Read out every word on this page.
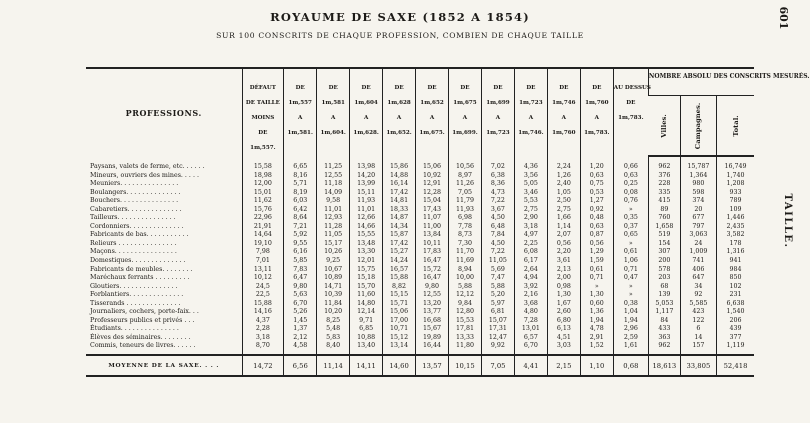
601
ROYAUME DE SAXE (1852 A 1854)
SUR 100 CONSCRITS DE CHAQUE PROFESSION, COMBIEN DE CHAQUE TAILLE
TAILLE.
PROFESSIONS.	DÉFAUT
DE TAILLE
MOINS
DE
1m,557.	DE
1m,557
A
1m,581.	DE
1m,581
A
1m,604.	DE
1m,604
A
1m,628.	DE
1m,628
A
1m,652.	DE
1m,652
A
1m,675.	DE
1m,675
A
1m,699.	DE
1m,699
A
1m,723	DE
1m,723
A
1m,746.	DE
1m,746
A
1m,760	DE
1m,760
A
1m,783.	AU DESSUS
DE
1m,783.	NOMBRE ABSOLU DES CONSCRITS MESURÉS.		

													Villes.	Campagnes.	Total.

Paysans, valets de ferme, etc. . . . . .	15,58	6,65	11,25	13,98	15,86	15,06	10,56	7,02	4,36	2,24	1,20	0,66	962	15,787	16,749
Mineurs, ouvriers des mines. . . . .	18,98	8,16	12,55	14,20	14,88	10,92	8,97	6,38	3,56	1,26	0,63	0,63	376	1,364	1,740
Meuniers. . . . . . . . . . . . . . .	12,00	5,71	11,18	13,99	16,14	12,91	11,26	8,36	5,05	2,40	0,75	0,25	228	980	1,208
Boulangers. . . . . . . . . . . . . .	15,01	8,19	14,09	15,11	17,42	12,28	7,05	4,73	3,46	1,05	0,53	0,08	335	598	933
Bouchers. . . . . . . . . . . . . . .	11,62	6,03	9,58	11,93	14,81	15,04	11,79	7,22	5,53	2,50	1,27	0,76	415	374	789
Cabaretiers. . . . . . . . . . . . . .	15,76	6,42	11,01	11,01	18,33	17,43	11,93	3,67	2,75	2,75	0,92	»	89	20	109
Tailleurs. . . . . . . . . . . . . . .	22,96	8,64	12,93	12,66	14,87	11,07	6,98	4,50	2,90	1,66	0,48	0,35	760	677	1,446
Cordonniers. . . . . . . . . . . . . .	21,91	7,21	11,28	14,66	14,34	11,00	7,78	6,48	3,18	1,14	0,63	0,37	1,658	797	2,435
Fabricants de bas. . . . . . . . . . .	14,64	5,92	11,05	15,55	15,87	13,84	8,73	7,84	4,97	2,07	0,87	0,65	519	3,063	3,582
Relieurs . . . . . . . . . . . . . . .	19,10	9,55	15,17	13,48	17,42	10,11	7,30	4,50	2,25	0,56	0,56	»	154	24	178
Maçons. . . . . . . . . . . . . . . .	7,98	6,16	10,26	13,30	15,27	17,83	11,70	7,22	6,08	2,20	1,29	0,61	307	1,009	1,316
Domestiques. . . . . . . . . . . . . .	7,01	5,85	9,25	12,01	14,24	16,47	11,69	11,05	6,17	3,61	1,59	1,06	200	741	941
Fabricants de meubles. . . . . . . .	13,11	7,83	10,67	15,75	16,57	15,72	8,94	5,69	2,64	2,13	0,61	0,71	578	406	984
Maréchaux ferrants . . . . . . . . .	10,12	6,47	10,89	15,18	15,88	16,47	10,00	7,47	4,94	2,00	0,71	0,47	203	647	850
Gloutiers. . . . . . . . . . . . . . .	24,5	9,80	14,71	15,70	8,82	9,80	5,88	5,88	3,92	0,98	»	»	68	34	102
Forblantiers. . . . . . . . . . . . . .	22,5	5,63	10,39	11,60	15,15	12,55	12,12	5,20	2,16	1,30	1,30	»	139	92	231
Tisserands . . . . . . . . . . . . . .	15,88	6,70	11,84	14,80	15,71	13,20	9,84	5,97	3,68	1,67	0,60	0,38	5,053	5,585	6,638
Journaliers, cochers, porte-faix. . .	14,16	5,26	10,20	12,14	15,06	13,77	12,80	6,81	4,80	2,60	1,36	1,04	1,117	423	1,540
Professeurs publics et privés . . .	4,37	1,45	8,25	9,71	17,00	16,68	15,53	15,07	7,28	6,80	1,94	1,94	84	122	206
Étudiants. . . . . . . . . . . . . . .	2,28	1,37	5,48	6,85	10,71	15,67	17,81	17,31	13,01	6,13	4,78	2,96	433	6	439
Élèves des séminaires. . . . . . . .	3,18	2,12	5,83	10,88	15,12	19,89	13,33	12,47	6,57	4,51	2,91	2,59	363	14	377
Commis, teneurs de livres. . . . . .	8,70	4,58	8,40	13,40	13,14	16,44	11,80	9,92	6,70	3,03	1,52	1,61	962	157	1,119
MOYENNE DE LA SAXE. . . .	14,72	6,56	11,14	14,11	14,60	13,57	10,15	7,05	4,41	2,15	1,10	0,68	18,613	33,805	52,418
